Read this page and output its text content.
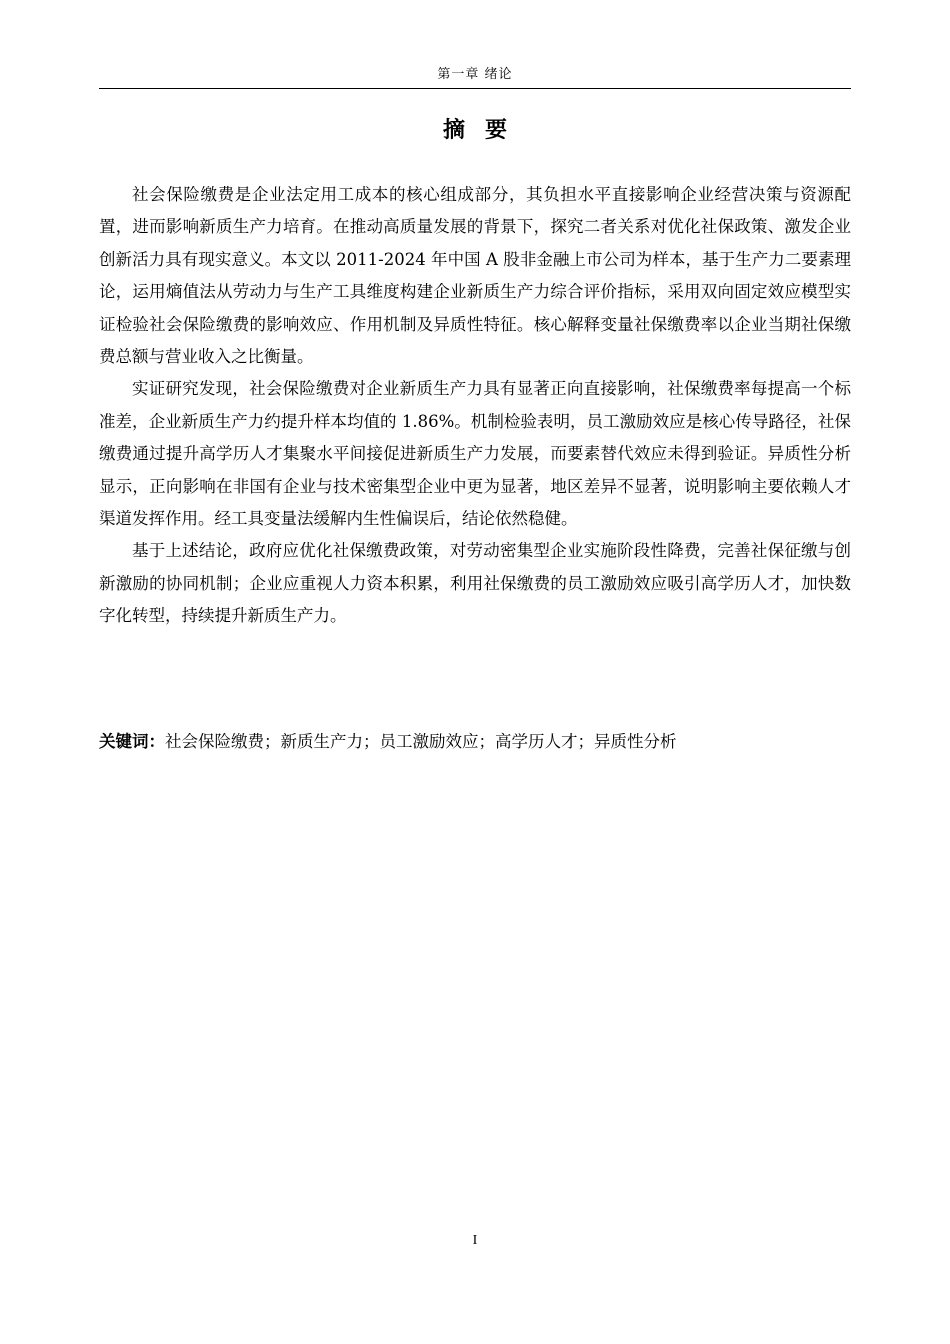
第一章 绪论
摘要

社会保险缴费是企业法定用工成本的核心组成部分，其负担水平直接影响企业经营决策与资源配置，进而影响新质生产力培育。在推动高质量发展的背景下，探究二者关系对优化社保政策、激发企业创新活力具有现实意义。本文以 2011-2024 年中国 A 股非金融上市公司为样本，基于生产力二要素理论，运用熵值法从劳动力与生产工具维度构建企业新质生产力综合评价指标，采用双向固定效应模型实证检验社会保险缴费的影响效应、作用机制及异质性特征。核心解释变量社保缴费率以企业当期社保缴费总额与营业收入之比衡量。

实证研究发现，社会保险缴费对企业新质生产力具有显著正向直接影响，社保缴费率每提高一个标准差，企业新质生产力约提升样本均值的 1.86%。机制检验表明，员工激励效应是核心传导路径，社保缴费通过提升高学历人才集聚水平间接促进新质生产力发展，而要素替代效应未得到验证。异质性分析显示，正向影响在非国有企业与技术密集型企业中更为显著，地区差异不显著，说明影响主要依赖人才渠道发挥作用。经工具变量法缓解内生性偏误后，结论依然稳健。

基于上述结论，政府应优化社保缴费政策，对劳动密集型企业实施阶段性降费，完善社保征缴与创新激励的协同机制；企业应重视人力资本积累，利用社保缴费的员工激励效应吸引高学历人才，加快数字化转型，持续提升新质生产力。

关键词：社会保险缴费；新质生产力；员工激励效应；高学历人才；异质性分析
I
